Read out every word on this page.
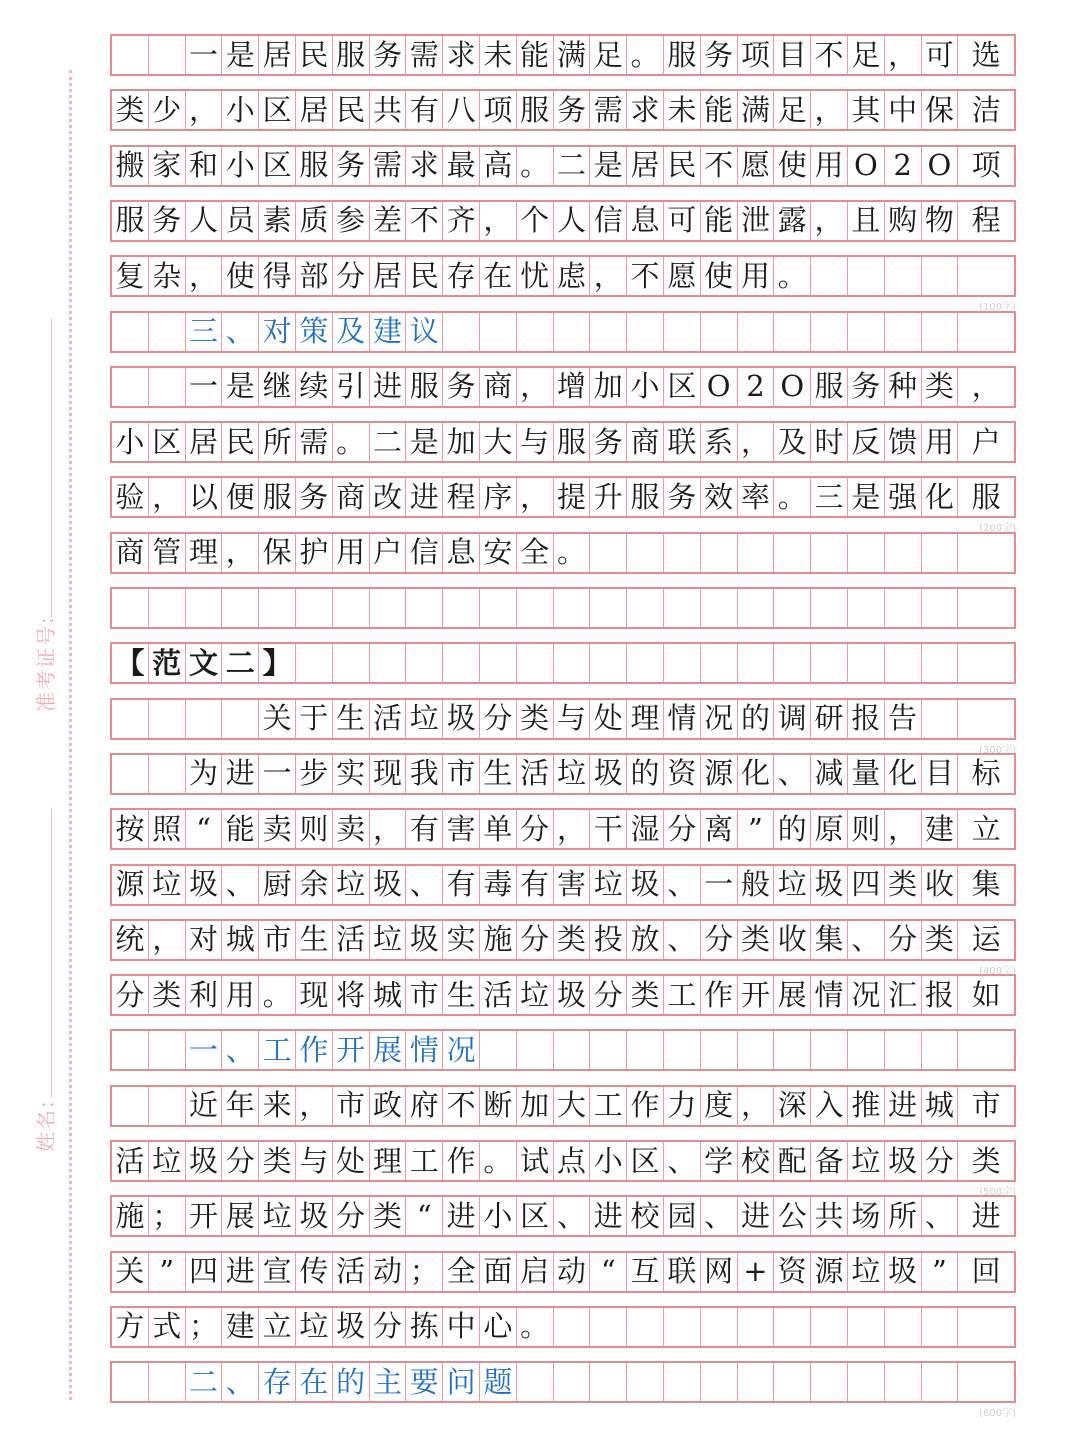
准考证号:
姓名:
一 是 居 民 服 务 需 求 未 能 满 足 。 服 务 项 目 不 足 ， 可 选
类 少 ， 小 区 居 民 共 有 八 项 服 务 需 求 未 能 满 足 ， 其 中 保 洁
搬 家 和 小 区 服 务 需 求 最 高 。 二 是 居 民 不 愿 使 用 O 2 O 项
服 务 人 员 素 质 参 差 不 齐 ， 个 人 信 息 可 能 泄 露 ， 且 购 物 程
复 杂 ， 使 得 部 分 居 民 存 在 忧 虑 ， 不 愿 使 用 。
三 、 对 策 及 建 议
一 是 继 续 引 进 服 务 商 ， 增 加 小 区 O 2 O 服 务 种 类 ，
小 区 居 民 所 需 。 二 是 加 大 与 服 务 商 联 系 ， 及 时 反 馈 用 户
验 ， 以 便 服 务 商 改 进 程 序 ， 提 升 服 务 效 率 。 三 是 强 化 服
商 管 理 ， 保 护 用 户 信 息 安 全 。
【 范 文 二 】
关 于 生 活 垃 圾 分 类 与 处 理 情 况 的 调 研 报 告
为 进 一 步 实 现 我 市 生 活 垃 圾 的 资 源 化 、 减 量 化 目 标
按 照 “ 能 卖 则 卖 ， 有 害 单 分 ， 干 湿 分 离 ” 的 原 则 ， 建 立
源 垃 圾 、 厨 余 垃 圾 、 有 毒 有 害 垃 圾 、 一 般 垃 圾 四 类 收 集
统 ， 对 城 市 生 活 垃 圾 实 施 分 类 投 放 、 分 类 收 集 、 分 类 运
分 类 利 用 。 现 将 城 市 生 活 垃 圾 分 类 工 作 开 展 情 况 汇 报 如
一 、 工 作 开 展 情 况
近 年 来 ， 市 政 府 不 断 加 大 工 作 力 度 ， 深 入 推 进 城 市
活 垃 圾 分 类 与 处 理 工 作 。 试 点 小 区 、 学 校 配 备 垃 圾 分 类
施 ； 开 展 垃 圾 分 类 “ 进 小 区 、 进 校 园 、 进 公 共 场 所 、 进
关 ” 四 进 宣 传 活 动 ； 全 面 启 动 “ 互 联 网 + 资 源 垃 圾 ” 回
方 式 ； 建 立 垃 圾 分 拣 中 心 。
二 、 存 在 的 主 要 问 题
(100字)
(200字)
(300字)
(400字)
(500字)
(600字)
